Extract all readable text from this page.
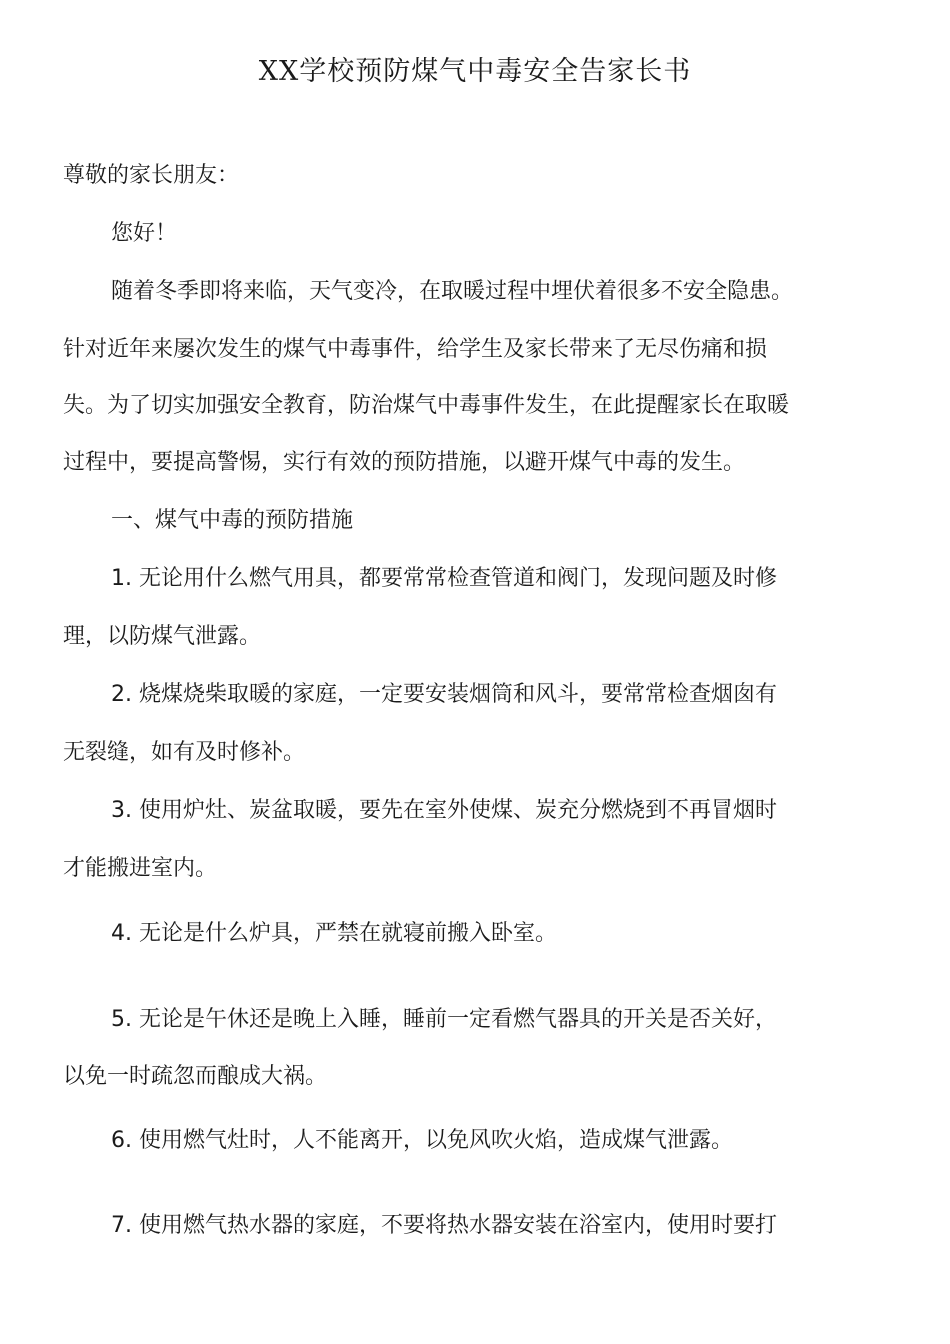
XX学校预防煤气中毒安全告家长书
尊敬的家长朋友：
您好！
随着冬季即将来临，天气变冷，在取暖过程中埋伏着很多不安全隐患。
针对近年来屡次发生的煤气中毒事件，给学生及家长带来了无尽伤痛和损
失。为了切实加强安全教育，防治煤气中毒事件发生，在此提醒家长在取暖
过程中，要提高警惕，实行有效的预防措施，以避开煤气中毒的发生。
一、煤气中毒的预防措施
1. 无论用什么燃气用具，都要常常检查管道和阀门，发现问题及时修
理，以防煤气泄露。
2. 烧煤烧柴取暖的家庭，一定要安装烟筒和风斗，要常常检查烟囱有
无裂缝，如有及时修补。
3. 使用炉灶、炭盆取暖，要先在室外使煤、炭充分燃烧到不再冒烟时
才能搬进室内。
4. 无论是什么炉具，严禁在就寝前搬入卧室。
5. 无论是午休还是晚上入睡，睡前一定看燃气器具的开关是否关好，
以免一时疏忽而酿成大祸。
6. 使用燃气灶时，人不能离开，以免风吹火焰，造成煤气泄露。
7. 使用燃气热水器的家庭，不要将热水器安装在浴室内，使用时要打
